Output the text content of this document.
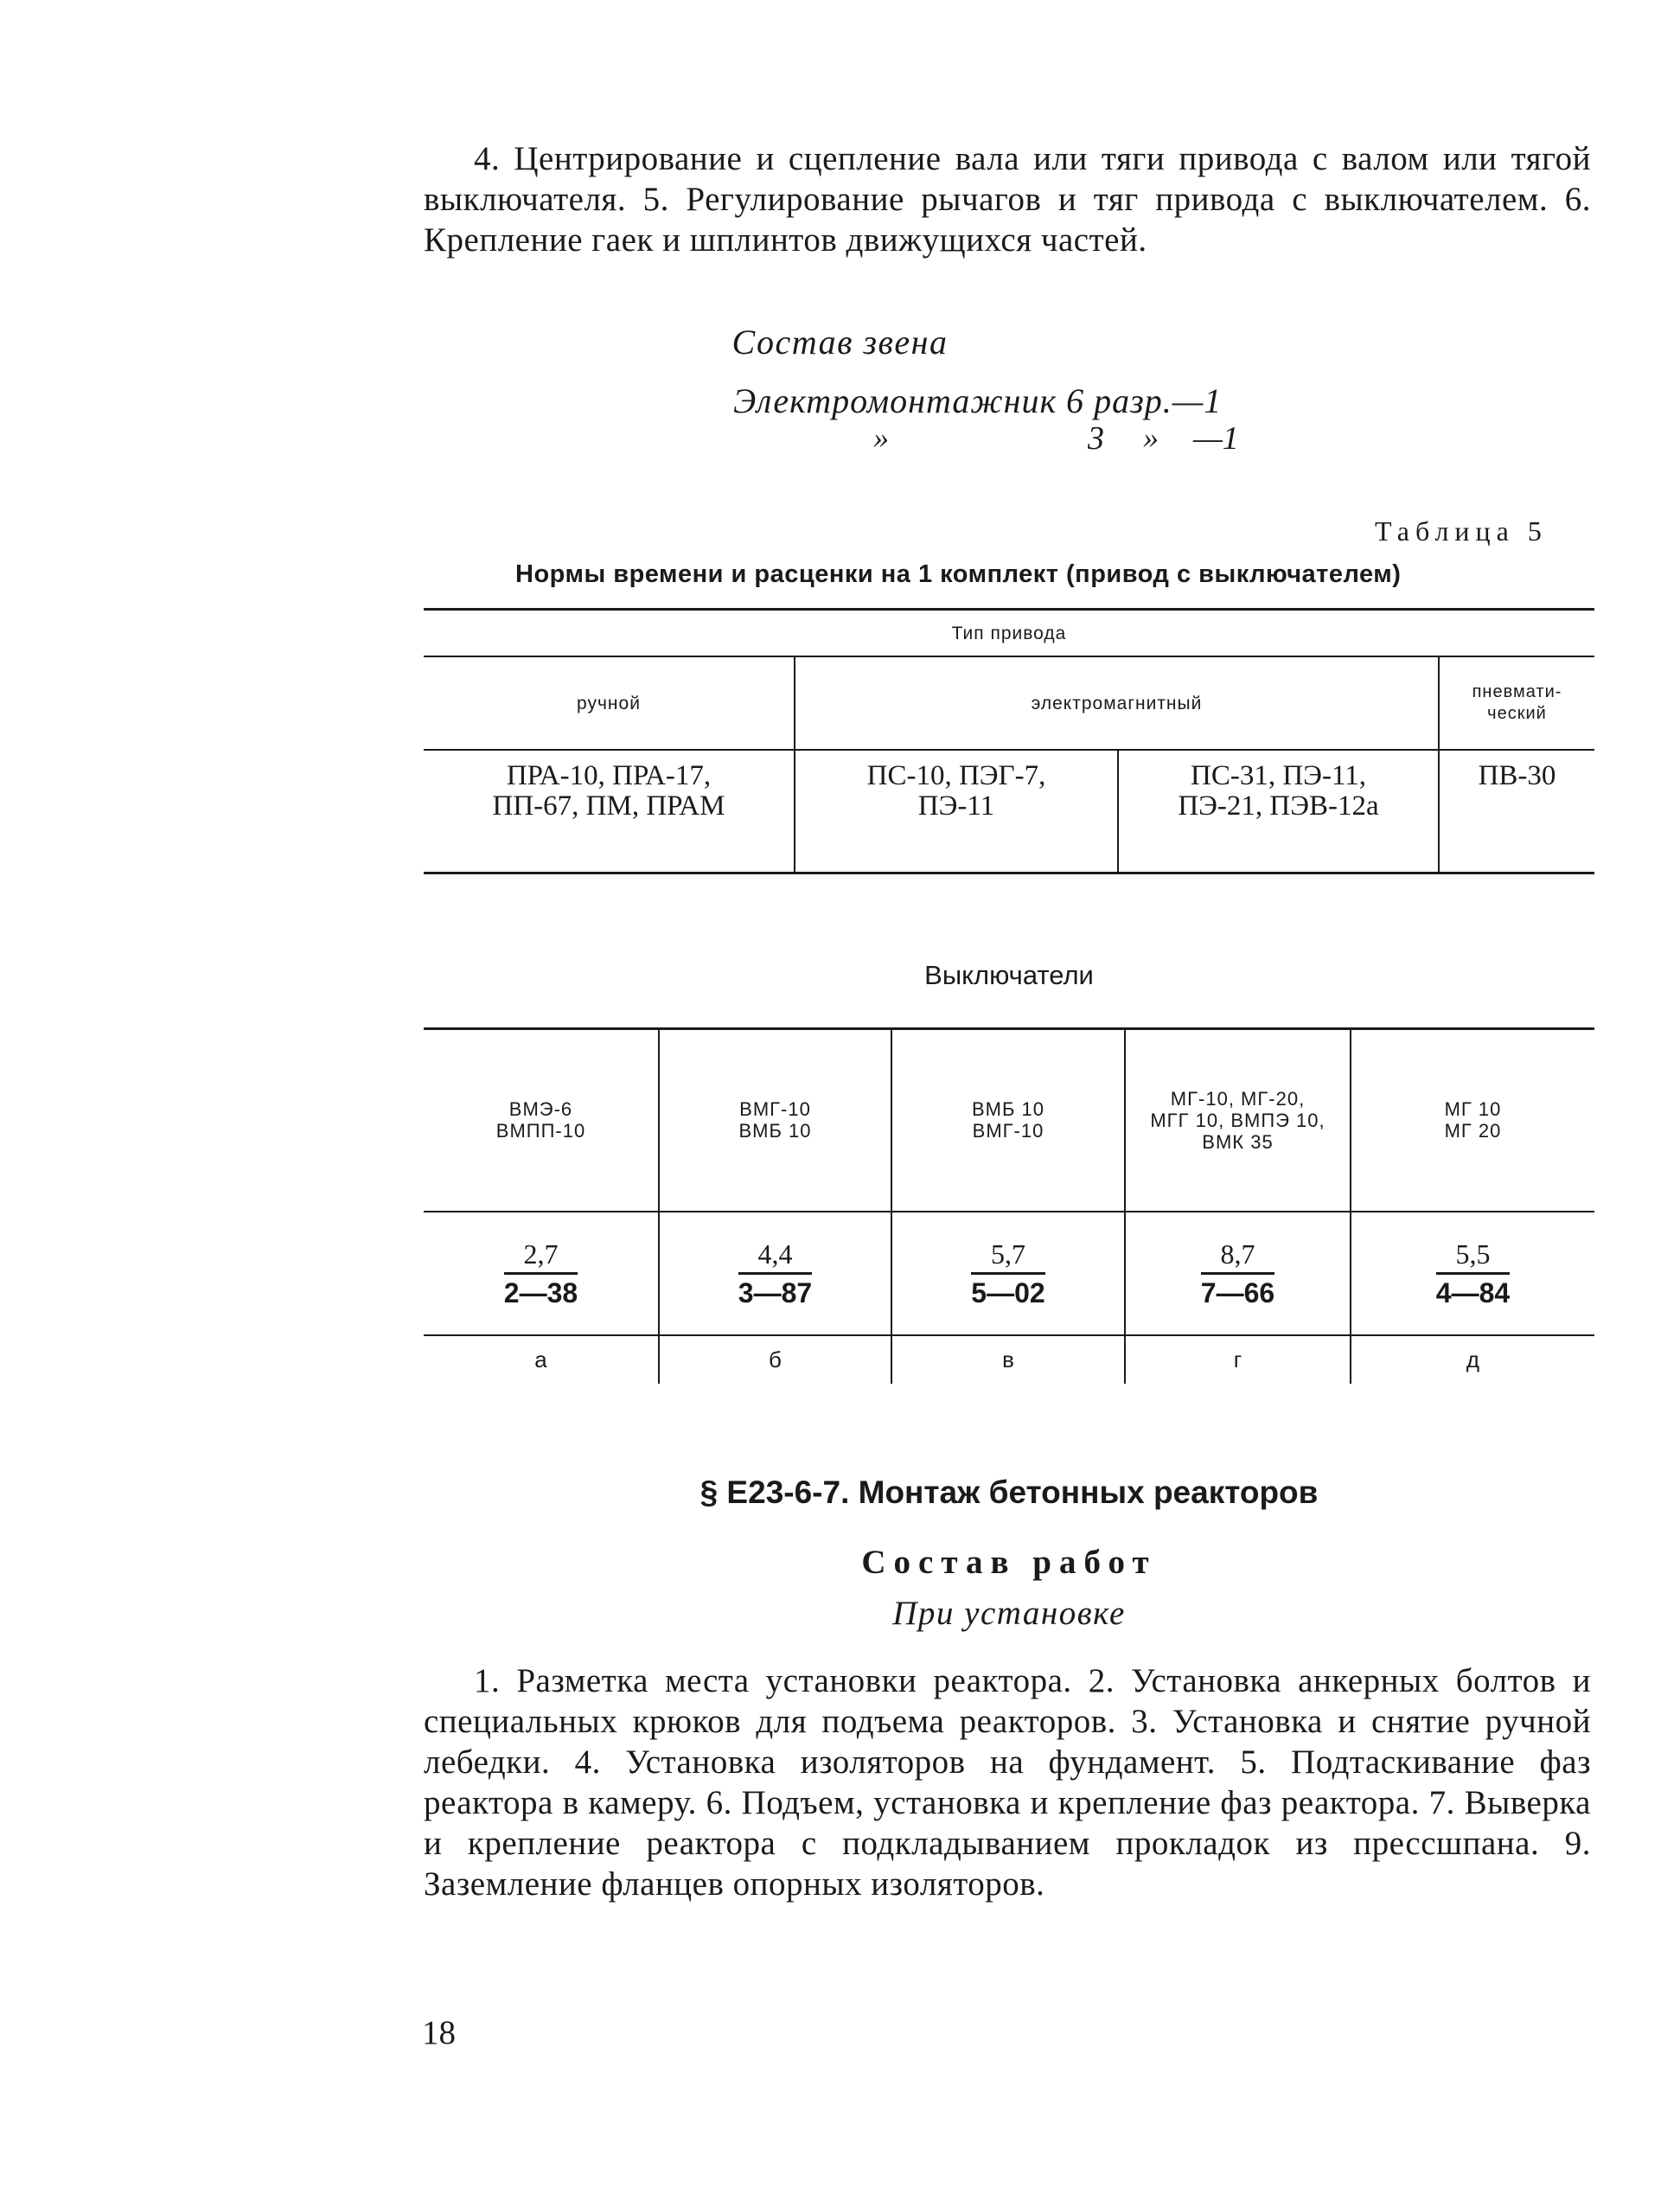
4. Центрирование и сцепление вала или тяги привода с валом или тягой выключателя. 5. Регулирование рычагов и тяг привода с выключателем. 6. Крепление гаек и шплинтов движущихся частей.

Состав звена
Электромонтажник 6 разр.—1
»	3 » —1
Таблица 5
Нормы времени и расценки на 1 комплект (привод с выключателем)
Тип привода
ручной	электромагнитный
пневмати-
ческий
ПРА-10, ПРА-17,
ПП-67, ПМ, ПРАМ
ПС-10, ПЭГ-7,
ПЭ-11
ПС-31, ПЭ-11,
ПЭ-21, ПЭВ-12а
ПВ-30
Выключатели
ВМЭ-6
ВМПП-10
$\frac{2,7}{2—38}$
а
ВМГ-10
ВМБ 10
$\frac{4,4}{3—87}$
б
ВМБ 10
ВМГ-10
$\frac{5,7}{5—02}$
в
МГ-10, МГ-20,
МГГ 10, ВМПЭ 10,
ВМК 35
$\frac{8,7}{7—66}$
г
МГ 10
МГ 20
$\frac{5,5}{4—84}$
д
§ Е23-6-7. Монтаж бетонных реакторов
Состав работ
При установке

1. Разметка места установки реактора. 2. Установка анкерных болтов и специальных крюков для подъема реакторов. 3. Установка и снятие ручной лебедки. 4. Установка изоляторов на фундамент. 5. Подтаскивание фаз реактора в камеру. 6. Подъем, установка и крепление фаз реактора. 7. Выверка и крепление реактора с подкладыванием прокладок из прессшпана. 9. Заземление фланцев опорных изоляторов.

18
